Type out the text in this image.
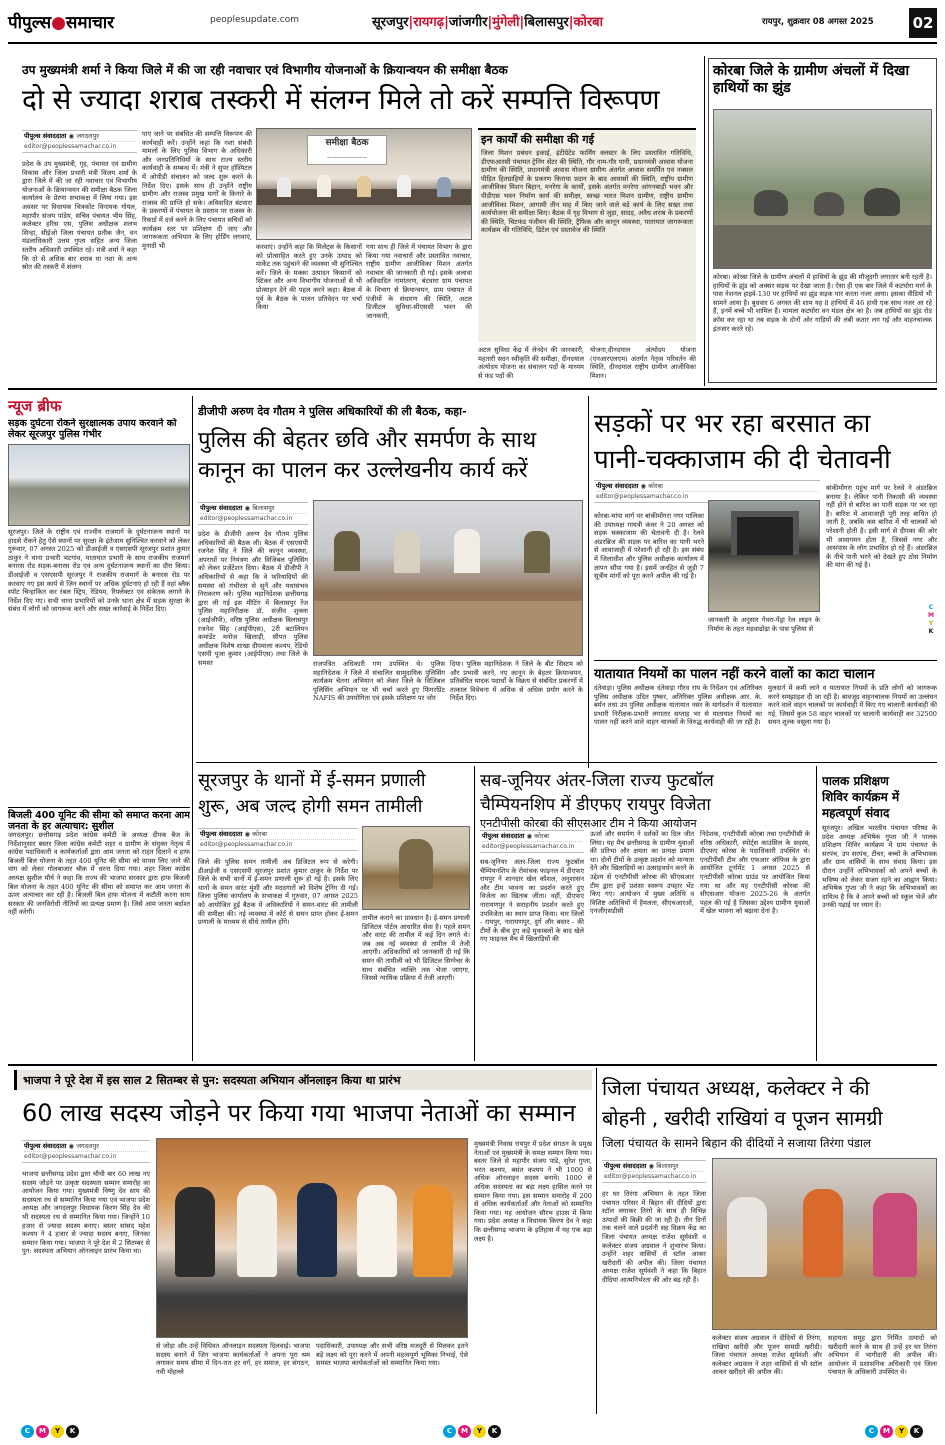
पीपुल्स●समाचार	peoplesupdate.com	सूरजपुर|रायगढ़|जांजगीर|मुंगेली|बिलासपुर|कोरबा	रायपुर, शुक्रवार 08 अगस्त 2025	02
उप मुख्यमंत्री शर्मा ने किया जिले में की जा रही नवाचार एवं विभागीय योजनाओं के क्रियान्वयन की समीक्षा बैठक
दो से ज्यादा शराब तस्करी में संलग्न मिले तो करें सम्पत्ति विरूपण
पीपुल्स संवाददाता ◉ जगदलपुर
editor@peoplessamachar.co.in
प्रदेश के उप मुख्यमंत्री, गृह, पंचायत एवं ग्रामीण विकास और जिला प्रभारी मंत्री विजय शर्मा के द्वारा जिले में की जा रही नवाचार एवं विभागीय योजनाओं के क्रियान्वयन की समीक्षा बैठक जिला कार्यालय के प्रेरणा सभाकक्ष में लिया गया। इस अवसर पर विधायक चित्रकोट विनायक गोयल, महापौर संजय पांडेय, सचिव पंचायत भीम सिंह, कलेक्टर हरिस एस, पुलिस अधीक्षक शलभ सिन्हा, सीईओ जिला पंचायत प्रतीक जैन, वन मंडलाधिकारी उत्तम गुप्ता सहित अन्य जिला स्तरीय अधिकारी उपस्थित रहे। मंत्री शर्मा ने कहा कि दो से अधिक बार शराब या नशा के अन्य स्रोत की तस्करी में संलग्न
पाए जाने पर संबंधित की सम्पत्ति विरूपण की कार्यवाही करें। उन्होंने कहा कि नशा संबंधी मामलों के लिए पुलिस विभाग के अधिकारी और जनप्रतिनिधियों के साथ राज्य स्तरीय कार्यवाही के सम्बन्ध में। मंत्री ने सुपर हॉस्पिटल में ओपीडी संचालन को जल्द शुरू करने के निर्देश दिए। इसके साथ ही उन्होंने राष्ट्रीय ग्रामीण और राजस्व प्रमुख मार्गों के किनारे के राजस्व की प्राप्ति हो सके। अविवादित बंटवारा के प्रकरणों में पंचायत के प्रस्ताव पर राजस्व के रिकार्ड में दर्ज करने के लिए पंचायत सचिवों को कार्यक्रम स्तर पर प्रशिक्षण दी जाए और जागरूकता अभियान के लिए होर्डिंग लगवाएं, मुनादी भी
समीक्षा बैठक
————————
करवाएं। उन्होंने कहा कि मिलेट्स के किसानों को प्रोत्साहित करते हुए उनके उत्पाद को मार्केट तक पहुंचाने की व्यवस्था भी सुनिश्चित करें। जिले के मक्का उत्पादन किसानों को स्टिकर और अन्य विभागीय योजनाओं से भी प्रोत्साहन देने की पहल करने कहा। बैठक में पूर्व के बैठक के पालन प्रतिवेदन पर चर्चा किया
गया साथ ही जिले में पंचायत विभाग के द्वारा किया गया नवाचारों और प्रस्तावित नवाचार, राष्ट्रीय ग्रामीण आजीविका मिशन अंतर्गत नवाचार की जानकारी दी गई। इसके अलावा अविवादित नामांतरण, बंटवारा ग्राम पंचायत के विभाग से क्रियान्वयन, ग्राम पंचायत में पंजीयों के संधारण की स्थिति, अटल डिजीटल सुविधा-सीएससी भवन की जानकारी,
इन कार्यों की समीक्षा की गई
जिला मिशन प्रबंधन इकाई, इंटीग्रेटेड फार्मिंग क्लस्टर के लिए प्रस्तावित गतिविधि, डीएफआरसी पंचायत ट्रेनिंग सेंटर की स्थिति, गौर नाम-गौर पानी, प्रधानमंत्री आवास योजना ग्रामीण की स्थिति, प्रधानमंत्री आवास योजना ग्रामीण अंतर्गत आवास समर्पित एवं नक्सल पीड़ित हितग्राहियों के प्रकरण किराया प्रदान के बाद आवासों की स्थिति, राष्ट्रीय ग्रामीण आजीविका मिशन बिहान, मनरेगा के कार्यों, इसके अंतर्गत मनरेगा आंगनबाड़ी भवन और पीडीएस भवन निर्माण कार्य की समीक्षा, स्वच्छ भारत मिशन ग्रामीण, राष्ट्रीय ग्रामीण आजीविका मिशन, आगामी तीन माह में किए जाने वाले बड़े कार्य के लिए सख्त तथा कार्ययोजना की समीक्षा किए। बैठक में गृह विभाग से जुड़ा, सादड़, अवैध शराब के प्रकरणों की स्थिति, चिटफंड पंजीयन की स्थिति, ट्रैफिक और कानून व्यवस्था, यातायात जागरूकता कार्यक्रम की गतिविधि, डिटेल एवं दस्तावेज की स्थिति
अटल सुविधा केंद्र में लेनदेन की जानकारी, महतारी सदन स्वीकृति की समीक्षा, दीनदयाल अंत्योदय योजना का संचालन पदों के माध्यम से फंड पदों की
योजना,दीनदयाल अंत्योदय योजना (एनआरएलएम) अंतर्गत नेतृत्व परिवर्तन की स्थिति, दीनदयाल राष्ट्रीय ग्रामीण आजीविका मिशन।
कोरबा जिले के ग्रामीण अंचलों में दिखा हाथियों का झुंड
कोरबा। कोरबा जिले के ग्रामीण अंचलों में हाथियों के झुंड की मौजूदगी लगातार बनी रहती है। हाथियों के झुंड को अक्सर सड़क पर देखा जाता है। ऐसा ही एक बार जिले में कटघोरा मार्ग के पास नेशनल हाइवे-130 पर हाथियों का झुंड सड़क पार करता नजर आया। इसका वीडियो भी सामने आया है। बुधवार 6 अगस्त की शाम यह 8 हाथियों में 46 हाथी एक साथ नजर आ रहे हैं, इनमें बच्चे भी शामिल हैं। मामला कटघोरा वन मंडल क्षेत्र का है। जब हाथियों का झुंड रोड क्रॉस कर रहा था तब सड़क के दोनों ओर गाड़ियों की लंबी कतार लग गई और वाहनचालक इंतजार करते रहे।
न्यूज ब्रीफ
सड़क दुर्घटना रोकने सुरक्षात्मक उपाय करवाने को लेकर सूरजपुर पुलिस गंभीर
सूरजपुर। जिले के राष्ट्रीय एवं राज्यीय राजमार्ग के दुर्घटनाजन्य स्थानों पर हादसे रोकने हेतु ऐसे स्थानों पर सुरक्षा के इंतेजाम सुनिश्चित करवाने को लेकर गुरूवार, 07 अगस्त 2025 को डीआईजी व एसएसपी सूरजपुर प्रशांत कुमार ठाकुर ने थाना प्रभारी भटगांव, यातायात प्रभारी के साथ राजकीय राजमार्ग बनारस रोड सड़क-बनारस रोड एवं अन्य दुर्घटनाजन्य स्थानों का दौरा किया। डीआईजी व एसएसपी सूरजपुर ने राजकीय राजमार्ग के बनारस रोड पर करवाए गए इस कार्य से जिन स्थानों पर अधिक दुर्घटनाएं हो रही हैं वहां ब्लैक स्पॉट चिन्हांकित कर रंबल स्ट्रिप, रेडियम, रिफ्लेक्टर एवं संकेतक लगाने के निर्देश दिए गए। सभी थाना प्रभारियों को उनके थाना क्षेत्र में सड़क सुरक्षा के संबंध में लोगों को जागरूक करने और सख्त कार्रवाई के निर्देश दिए।
बिजली 400 यूनिट की सीमा को समाप्त करना आम जनता के हर अत्याचार: सुशील
जगदलपुर। छत्तीसगढ़ प्रदेश कांग्रेस कमेटी के अध्यक्ष दीपक बैज के निर्देशानुसार बस्तर जिला कांग्रेस कमेटी शहर व ग्रामीण के संयुक्त नेतृत्व में कांग्रेस पदाधिकारी व कार्यकर्ताओं द्वारा आम जनता को राहत दिलाने व हाफ बिजली बिल योजना के तहत 400 यूनिट की सीमा को वापस लिए जाने की मांग को लेकर गोलबाजार चौक में धरना दिया गया। शहर जिला कांग्रेस अध्यक्ष सुशील मौर्य ने कहा कि राज्य की भाजपा सरकार द्वारा हाफ बिजली बिल योजना के तहत 400 यूनिट की सीमा को समाप्त कर आम जनता के ऊपर अत्याचार कर रही है। बिजली बिल हाफ योजना में कटौती करना साय सरकार की जनविरोधी नीतियों का प्रत्यक्ष प्रमाण है। जिसे आम जनता बर्दाश्त नहीं करेगी।
डीजीपी अरुण देव गौतम ने पुलिस अधिकारियों की ली बैठक, कहा-
पुलिस की बेहतर छवि और समर्पण के साथ
कानून का पालन कर उल्लेखनीय कार्य करें
पीपुल्स संवाददाता ◉ बिलासपुर
editor@peoplessamachar.co.in
प्रदेश के डीजीपी अरुण देव गौतम पुलिस अधिकारियों की बैठक ली। बैठक में एसएसपी रजनेश सिंह ने जिले की कानून व्यवस्था, अपराधों पर नियंत्रण और विजिबल पुलिसिंग को लेकर प्रजेंटेशन दिया। बैठक में डीजीपी ने अधिकारियों से कहा कि वे फरियादियों की समस्या को गंभीरता से सुनें और यथासंभव निराकरण करें। पुलिस महानिदेशक छत्तीसगढ़ द्वारा ली गई इस मीटिंग में बिलासपुर रेंज पुलिस महानिरीक्षक डॉ. संजीव शुक्ला (आईजीपी), वरिष्ठ पुलिस अधीक्षक बिलासपुर रजनेश सिंह (आईपीएस), 2री बटालियन कमांडेंट मनोज खिलाड़ी, सीपत पुलिस अधीक्षक विशेष शाखा दीपमाला कश्यप, रेडियो एसपी पूजा कुमार (आईपीएस) तथा जिले के समस्त	राजपत्रित अधिकारी गण उपस्थित थे। पुलिस महानिदेशक ने जिले में संचालित सामुदायिक पुलिसिंग कार्यक्रम चेतना अभियान को लेकर जिले के विजिबल पुलिसिंग अभियान पर भी चर्चा करते हुए फिंगरप्रिंट NAFIS की उपयोगिता एवं इसके प्रशिक्षण पर जोर
दिया। पुलिस महानिदेशक ने जिले के बीट सिस्टम को और प्रभावी करने, नए कानून के बेहतर क्रियान्वयन, प्रतिबंधित मादक पदार्थों के विक्रय से संबंधित प्रकरणों में तत्काल विवेचना में अधिक से अधिक प्रयोग करने के निर्देश दिए।
सड़कों पर भर रहा बरसात का
पानी-चक्काजाम की दी चेतावनी
पीपुल्स संवाददाता ◉ कोरबा
editor@peoplessamachar.co.in
कोरबा-चांपा मार्ग पर बांकीमोंगरा नगर पालिका की उपाध्यक्ष गायत्री कंवर ने 20 अगस्त को सड़क चक्काजाम की चेतावनी दी है। रेलवे अंडरब्रिज की सड़क पर बारिश का पानी भरने से आवाजाही में परेशानी हो रही है। इस संबंध में जिलाधीश और पुलिस अधीक्षक कार्यालय में ज्ञापन सौंपा गया है। इसमें जनहित से जुड़ी 7 सूत्रीय मांगों को पूरा करने अपील की गई है।
जानकारी के अनुसार गेवरा-पेंड्रा रेल लाइन के निर्माण के तहत मड़वाढोढ़ा के पास पुलिया से
बांकीमोंगरा पहुंच मार्ग पर रेलवे ने अंडरब्रिज बनाया है। लेकिन पानी निकासी की व्यवस्था नहीं होने से बारिश का पानी सड़क पर भर रहा है। बारिश में आवाजाही पूरी तरह बाधित हो जाती है, जबकि कम बारिश में भी चालकों को परेशानी होती है। इसी मार्ग से दीपका की ओर भी आवागमन होता है, जिससे नगर और आसपास के लोग प्रभावित हो रहे हैं। अंडरब्रिज के नीचे पानी भरने को देखते हुए ठोस निर्माण की मांग की गई है।
C
M
Y
K
यातायात नियमों का पालन नहीं करने वालों का काटा चालान
दंतेवाड़ा। पुलिस अधीक्षक दंतेवाड़ा गौरव राय के निर्देशन एवं अतिरिक्त पुलिस अधीक्षक उदित पुष्कर, अतिरिक्त पुलिस अधीक्षक आर. के. बर्मन तथा उप पुलिस अधीक्षक यातायात नसर के मार्गदर्शन में यातायात प्रभारी निरीक्षक-प्रभारी लगातार सप्ताह भर से यातायात नियमों का पालन नहीं करने वाले वाहन चालकों के विरुद्ध कार्यवाही की जा रही है।
मुलदार्न में कमी लाने व यातायात नियमों के प्रति लोगों को जागरूक करने समझाइश दी जा रही है। बावजूद वाहनचालक नियमों का उल्लंघन करने वाले वाहन चालकों पर कार्यवाही में किए गए चालानी कार्यवाही की गई, जिसमें कुल 58 वाहन चालकों पर चालानी कार्यवाही कर 32500 समन शुल्क वसूला गया है।
सूरजपुर के थानों में ई-समन प्रणाली
शुरू, अब जल्द होगी समन तामीली
पीपुल्स संवाददाता ◉ कोरबा
editor@peoplessamachar.co.in
जिले की पुलिस समन तामीली अब डिजिटल रूप से करेगी। डीआईजी व एसएसपी सूरजपुर प्रशांत कुमार ठाकुर के निर्देश पर जिले के सभी थानों में ई-समन प्रणाली शुरू हो गई है। इसके लिए थानों के समन वारंट मुंशी और मददगारों को विशेष ट्रेनिंग दी गई। जिला पुलिस कार्यालय के सभाकक्ष में गुरुवार, 07 अगस्त 2025 को आयोजित हुई बैठक में अधिकारियों ने समन-वारंट की तामीली की समीक्षा की। नई व्यवस्था में कोर्ट से समन प्राप्त होकर ई-समन प्रणाली के माध्यम से सीधे तामील होंगे।
तामील कराने का प्रावधान है। ई-समन प्रणाली डिजिटल पोर्टल आधारित सेवा है। पहले समन और वारंट की तामील में कई दिन लगते थे। जब अब नई व्यवस्था से तामील में तेजी आएगी। अधिकारियों को जानकारी दी गई कि समन की तामीली को भी डिजिटल सिग्नेचर के साथ संबंधित व्यक्ति तक भेजा जाएगा, जिससे न्यायिक प्रक्रिया में तेजी आएगी।
सब-जूनियर अंतर-जिला राज्य फुटबॉल
चैम्पियनशिप में डीएफए रायपुर विजेता
एनटीपीसी कोरबा की सीएसआर टीम ने किया आयोजन
पीपुल्स संवाददाता ◉ कोरबा
editor@peoplessamachar.co.in
सब-जूनियर अंतर-जिला राज्य फुटबॉल चैम्पियनशिप के रोमांचक फाइनल में डीएफए रायपुर ने शानदार खेल कौशल, अनुशासन और टीम भावना का प्रदर्शन करते हुए विजेता का खिताब जीता। वहीं, डीएफए नारायणपुर ने सराहनीय प्रदर्शन करते हुए उपविजेता का स्थान प्राप्त किया। चार जिलों - रायपुर, नारायणपुर, दुर्ग और बस्तर - की टीमों के बीच हुए कड़े मुकाबलों के बाद खेले गए फाइनल मैच में खिलाड़ियों की
ऊर्जा और समर्पण ने दर्शकों का दिल जीत लिया। यह मैच छत्तीसगढ़ के ग्रामीण युवाओं की प्रतिभा और क्षमता का प्रत्यक्ष प्रमाण था। दोनों टीमों के उत्कृष्ट प्रदर्शन को मान्यता देने और खिलाड़ियों का उत्साहवर्धन करने के उद्देश्य से एनटीपीसी कोरबा की सीएसआर टीम द्वारा इन्हें प्रशंसा स्वरूप उपहार भेंट किए गए। आयोजन में मुख्य अतिथि व विशिष्ट अतिथियों में हैमलता, सीएचआरओ, एनजीएसडीसी
निदेशक, एनटीपीसी कोरबा तथा एनटीपीसी के वरिष्ठ अधिकारी, स्पोर्ट्स काउंसिल के सदस्य, डीएफए कोरबा के पदाधिकारी उपस्थित थे। एनटीपीसी टीम और एफआर ऑफिस के द्वारा आयोजित टूर्नामेंट 1 अगस्त 2025 से एनटीपीसी कोरबा ग्राउंड पर आयोजित किया गया था और यह एनटीपीसी कोरबा की सीएसआर योजना 2025-26 के अंतर्गत पहल की गई है जिसका उद्देश्य ग्रामीण युवाओं में खेल भावना को बढ़ावा देना है।
पालक प्रशिक्षण
शिविर कार्यक्रम में
महत्वपूर्ण संवाद
सूरजपुर। अखिल भारतीय पंचायत परिषद के प्रदेश अध्यक्ष अभिषेक गुप्ता जी ने पालक प्रशिक्षण शिविर कार्यक्रम में ग्राम पंचायत के सरपंच, उप सरपंच, टीचर, बच्चों के अभिभावक और ग्राम वासियों के साथ संवाद किया। इस दौरान उन्होंने अभिभावकों को अपने बच्चों के भविष्य को लेकर सजग रहने का आह्वान किया। अभिषेक गुप्ता जी ने कहा कि अभिभावकों का दायित्व है कि वे अपने बच्चों को स्कूल भेजें और उनकी पढ़ाई पर ध्यान दें।
भाजपा ने पूरे देश में इस साल 2 सितम्बर से पुन: सदस्यता अभियान ऑनलाइन किया था प्रारंभ
60 लाख सदस्य जोड़ने पर किया गया भाजपा नेताओं का सम्मान
पीपुल्स संवाददाता ◉ जगदलपुर
editor@peoplessamachar.co.in
भाजपा छत्तीसगढ़ प्रदेश द्वारा चौथी बार 60 लाख नए सदस्य जोड़ने पर उत्कृष्ट सदस्यता सम्मान समारोह का आयोजन किया गया। मुख्यमंत्री विष्णु देव साय की सदस्यता रथ से सम्मानित किया गया एवं भाजपा प्रदेश अध्यक्ष और जगदलपुर विधायक किरण सिंह देव की भी सदस्यता रथ से सम्मानित किया गया। जिन्होंने 10 हजार से ज्यादा सदस्य बनाए। बस्तर सांसद महेश कश्यप ने 4 हजार से ज्यादा सदस्य बनाए, जिनका सम्मान किया गया। भाजपा ने पूरे देश में 2 सितम्बर से पुन: सदस्यता अभियान ऑनलाइन प्रारंभ किया था।
से जोड़ा और उन्हें विधिवत ऑनलाइन सदस्यता दिलवाई। भाजपा सदस्य बनाने में जिन भाजपा कार्यकर्ताओं ने अपना पूरा श्रम लगाकर समय सीमा में दिन-रात हर वर्ग, हर समाज, हर संगठन, नवी मोहल्ले
पदाधिकारी, उपाध्यक्ष और सभी वरिष्ठ मजदूरी से मिलकर इतने बड़े लक्ष्य को पूरा करने में अपनी महत्वपूर्ण भूमिका निभाई, ऐसे समस्त भाजपा कार्यकर्ताओं को सम्मानित किया गया।
मुख्यमंत्री निवास रायपुर में प्रदेश संगठन के प्रमुख नेताओं एवं मुख्यमंत्री के समक्ष सम्मान किया गया। बस्तर जिले से महापौर संजय पांडे, सुरेश गुप्ता, भरत कश्यप, बसंत कश्यप ने भी 1000 से अधिक ऑनलाइन सदस्य बनाये। 1000 से अधिक सदस्यता का बड़ा लक्ष्य हासिल करने पर सम्मान किया गया। इस सम्मान समारोह में 200 से अधिक कार्यकर्ताओं और नेताओं को सम्मानित किया गया। यह आयोजन सौरभ हाउस में किया गया। प्रदेश अध्यक्ष व विधायक किरण देव ने कहा कि छत्तीसगढ़ भाजपा के इतिहास में यह एक बड़ा लक्ष्य है।
जिला पंचायत अध्यक्ष, कलेक्टर ने की
बोहनी , खरीदी राखियां व पूजन सामग्री
जिला पंचायत के सामने बिहान की दीदियों ने सजाया तिरंगा पंडाल
पीपुल्स संवाददाता ◉ बिलासपुर
editor@peoplessamachar.co.in
हर घर तिरंगा अभियान के तहत जिला पंचायत परिसर में बिहान की दीदियों द्वारा स्टॉल लगाकर तिरंगे के साथ ही विभिन्न उत्पादों की बिक्री की जा रही है। तीन दिनों तक चलने वाले प्रदर्शनी सह विक्रय केंद्र का जिला पंचायत अध्यक्ष राजेश सूर्यवंशी व कलेक्टर संजय अग्रवाल ने शुभारंभ किया। उन्होंने शहर वासियों से स्टॉल आकर खरीदारी की अपील की। जिला पंचायत अध्यक्ष राजेश सूर्यवंशी ने कहा कि बिहान दीदियां आत्मनिर्भरता की ओर बढ़ रही हैं।
कलेक्टर संजय अग्रवाल ने दीदियों से तिरंगा, राखियां खरीदी और पूजन सामग्री खरीदी। जिला पंचायत अध्यक्ष राजेश सूर्यवंशी और कलेक्टर अग्रवाल ने शहर वासियों से भी स्टॉल आकर खरीदने की अपील की।
सहायता समूह द्वारा निर्मित उत्पादों को खरीदारी करने के साथ ही उन्हें हर घर तिरंगा अभियान में भागीदारी की अपील की। आयोजन में प्रशासनिक अधिकारी एवं जिला पंचायत के अधिकारी उपस्थित थे।
C M Y K	C M Y K	C M Y K
